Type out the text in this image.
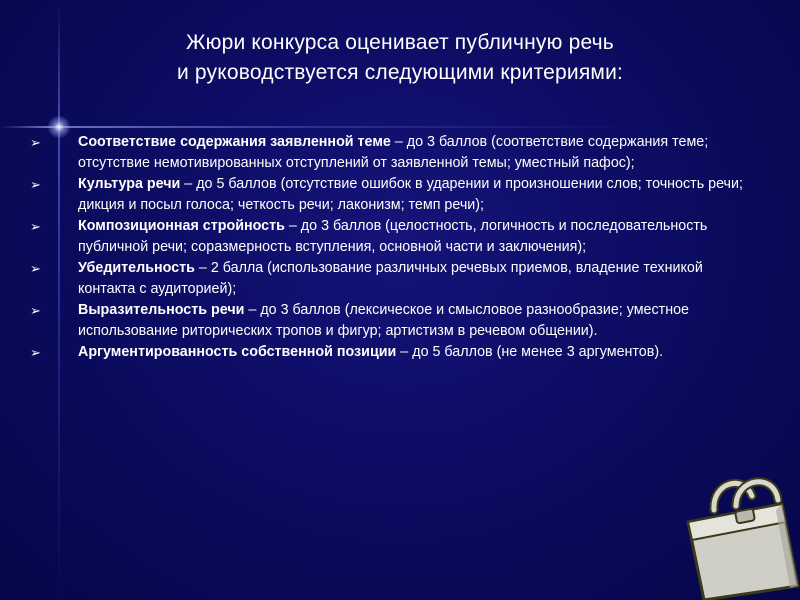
Жюри конкурса оценивает публичную речь
и руководствуется следующими критериями:
➢	Соответствие содержания заявленной теме – до 3 баллов (соответствие содержания теме; отсутствие немотивированных отступлений от заявленной темы; уместный пафос);
➢	Культура речи – до 5 баллов (отсутствие ошибок в ударении и произношении слов; точность речи; дикция и посыл голоса; четкость речи; лаконизм; темп речи);
➢	Композиционная стройность – до 3 баллов (целостность, логичность и последовательность публичной речи; соразмерность вступления, основной части и заключения);
➢	Убедительность – 2 балла (использование различных речевых приемов, владение техникой контакта с аудиторией);
➢	Выразительность речи – до 3 баллов (лексическое и смысловое разнообразие; уместное использование риторических тропов и фигур; артистизм в речевом общении).
➢	Аргументированность собственной позиции – до 5 баллов (не менее 3 аргументов).
